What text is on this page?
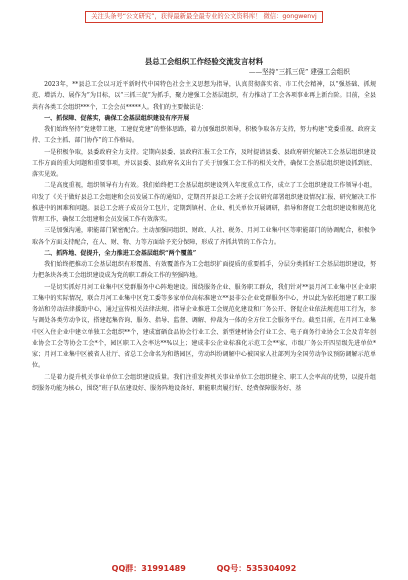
关注头条号“公文研究”，获得最新最全最专业的公文资料库！ 微信：gongwenvj

县总工会组织工作经验交流发言材料

——坚持“三抓三促” 建强工会组织

2023年，**县总工会以习近平新时代中国特色社会主义思想为指导，认真贯彻落实省、市工代会精神，以“强基础、抓规范、增活力、展作为”为目标，以“三抓三促”为抓手，聚力建强工会基层组织，有力推动了工会各项事业再上新台阶。目前，全县共有各类工会组织***个，工会会员*****人。我们的主要做法是：

一、抓保障、促落实，确保工会基层组织建设有序开展

我们始终坚持“党建带工建，工建促党建”的整体思路，着力加强组织领导，积极争取各方支持，努力构建“党委重视、政府支持、工会主抓、部门协作”的工作格局。

一是积极争取，县委政府全力支持。定期向县委、县政府汇报工会工作，及时提请县委、县政府研究解决工会基层组织建设工作方面的重大问题和重要事项，并以县委、县政府名义出台了关于加强工会工作的相关文件，确保工会基层组织建设抓到底、落实见效。

二是高度重视，组织领导有力有效。我们始终把工会基层组织建设列入年度重点工作，成立了工会组织建设工作领导小组，印发了《关于做好县总工会组建和会员发展工作的通知》，定期召开县总工会班子会议研究部署组织建设情况汇报、研究解决工作推进中的困难和问题。县总工会班子成员分工包片，定期到镇村、企业、机关单位开展调研，指导和督促工会组织建设和规范化管理工作，确保工会组建和会员发展工作有效落实。

三是加强沟通，职能部门紧密配合。主动加强同组织、财政、人社、税务、月河工业集中区等职能部门的协调配合，积极争取各个方面支持配合，在人、财、物、力等方面给予充分保障，形成了齐抓共管的工作合力。

二、抓阵地、促提升，全力推进工会基层组织“两个覆盖”

我们始终把推动工会基层组织有形覆盖、有效覆盖作为工会组织扩面提质的重要抓手，分层分类抓好工会基层组织建设，努力把条块各类工会组织建设成为党的职工群众工作的坚强阵地。

一是切实抓好月河工业集中区党群服务中心阵地建设。围绕服务企业、服务职工群众，我们针对**县月河工业集中区企业职工集中的实际情况，联合月河工业集中区党工委等多家单位高标准建立**县非公企业党群服务中心，并以此为依托组建了职工服务站和劳动法律援助中心，通过宣传相关法律法规、指导企业推进工会规范化建设和厂务公开、督促企业依法规范用工行为，参与调处各类劳动争议，搭建起集咨询、服务、指导、监督、调解、仲裁为一体的全方位工会服务平台。截至目前，在月河工业集中区入住企业中建立单独工会组织**个，建成富硒食品协会行业工会、新型建材协会行业工会、电子商务行业协会工会及青年创业协会工会等协会工会*个，园区职工入会率达**%以上；建成非公企业标准化示范工会**家、市级厂务公开四星级先进单位*家；月河工业集中区被省人社厅、省总工会命名为和谐园区，劳动纠纷调解中心被国家人社部列为全国劳动争议预防调解示范单位。

二是着力提升机关事业单位工会组织建设质量。我们注重发挥机关事业单位工会组织健全、职工人会率高的优势，以提升组织服务功能为核心，围绕“班子队伍建设好、服务阵地设备好、职能职责履行好、经费保障服务好、基

QQ群：31991489	QQ号：535304092
